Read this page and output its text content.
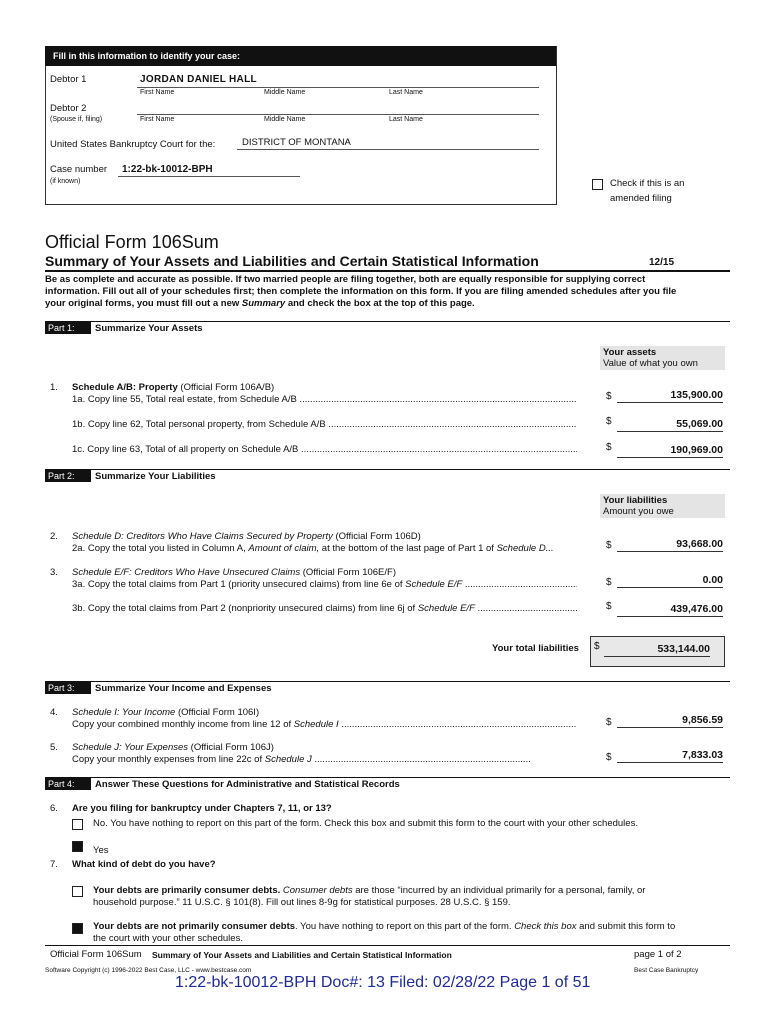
Fill in this information to identify your case:
Debtor 1	JORDAN DANIEL HALL
First Name	Middle Name	Last Name
Debtor 2
(Spouse if, filing)	First Name	Middle Name	Last Name
United States Bankruptcy Court for the:	DISTRICT OF MONTANA
Case number 1:22-bk-10012-BPH
(if known)	Check if this is an
amended filing
Official Form 106Sum
Summary of Your Assets and Liabilities and Certain Statistical Information	12/15
Be as complete and accurate as possible. If two married people are filing together, both are equally responsible for supplying correct
information. Fill out all of your schedules first; then complete the information on this form. If you are filing amended schedules after you file
your original forms, you must fill out a new Summary and check the box at the top of this page.
Part 1:	Summarize Your Assets
Your assets
Value of what you own
1. Schedule A/B: Property (Official Form 106A/B)
1a. Copy line 55, Total real estate, from Schedule A/B .....	$	135,900.00
1b. Copy line 62, Total personal property, from Schedule A/B .....	$	55,069.00
1c. Copy line 63, Total of all property on Schedule A/B .....	$	190,969.00
Part 2:	Summarize Your Liabilities
Your liabilities
Amount you owe
2. Schedule D: Creditors Who Have Claims Secured by Property (Official Form 106D)
2a. Copy the total you listed in Column A, Amount of claim, at the bottom of the last page of Part 1 of Schedule D...	$	93,668.00
3. Schedule E/F: Creditors Who Have Unsecured Claims (Official Form 106E/F)
3a. Copy the total claims from Part 1 (priority unsecured claims) from line 6e of Schedule E/F .....	$	0.00
3b. Copy the total claims from Part 2 (nonpriority unsecured claims) from line 6j of Schedule E/F .....	$	439,476.00
Your total liabilities $	533,144.00
Part 3:	Summarize Your Income and Expenses
4. Schedule I: Your Income (Official Form 106I)
Copy your combined monthly income from line 12 of Schedule I .....	$	9,856.59
5. Schedule J: Your Expenses (Official Form 106J)
Copy your monthly expenses from line 22c of Schedule J .....	$	7,833.03
Part 4:	Answer These Questions for Administrative and Statistical Records
6. Are you filing for bankruptcy under Chapters 7, 11, or 13?
No. You have nothing to report on this part of the form. Check this box and submit this form to the court with your other schedules.
Yes
7. What kind of debt do you have?
Your debts are primarily consumer debts. Consumer debts are those “incurred by an individual primarily for a personal, family, or
household purpose.” 11 U.S.C. § 101(8). Fill out lines 8-9g for statistical purposes. 28 U.S.C. § 159.
Your debts are not primarily consumer debts. You have nothing to report on this part of the form. Check this box and submit this form to
the court with your other schedules.
Official Form 106Sum Summary of Your Assets and Liabilities and Certain Statistical Information	page 1 of 2
Software Copyright (c) 1996-2022 Best Case, LLC - www.bestcase.com	Best Case Bankruptcy
1:22-bk-10012-BPH Doc#: 13 Filed: 02/28/22 Page 1 of 51
